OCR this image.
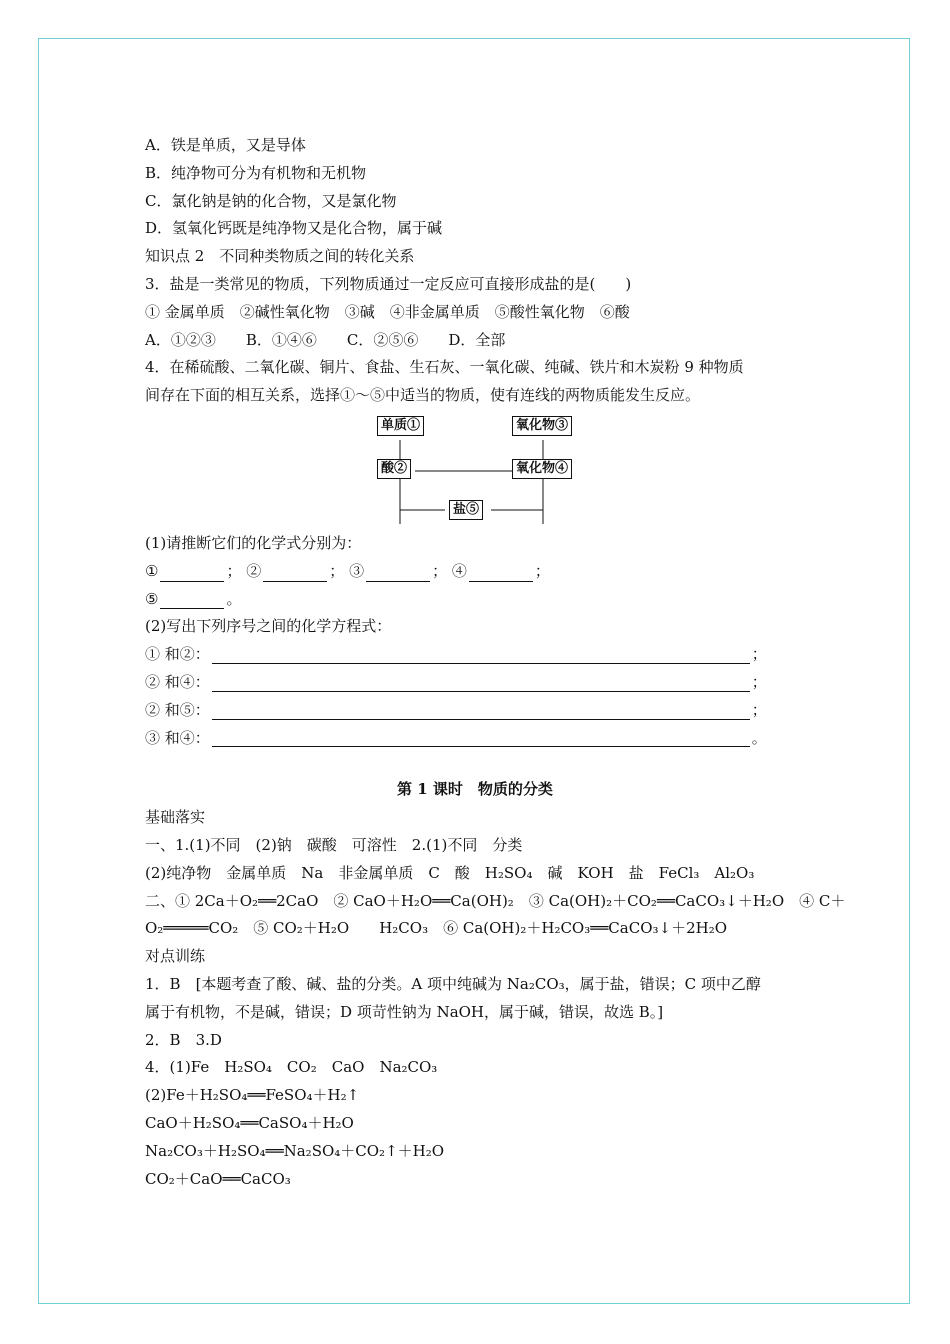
A．铁是单质，又是导体
B．纯净物可分为有机物和无机物
C．氯化钠是钠的化合物，又是氯化物
D．氢氧化钙既是纯净物又是化合物，属于碱
知识点 2　不同种类物质之间的转化关系
3．盐是一类常见的物质，下列物质通过一定反应可直接形成盐的是(　　)
① 金属单质　②碱性氧化物　③碱　④非金属单质　⑤酸性氧化物　⑥酸
A．①②③　　B．①④⑥　　C．②⑤⑥　　D．全部
4．在稀硫酸、二氧化碳、铜片、食盐、生石灰、一氧化碳、纯碱、铁片和木炭粉 9 种物质
间存在下面的相互关系，选择①～⑤中适当的物质，使有连线的两物质能发生反应。
单质①	氧化物③
酸②	氧化物④
盐⑤
(1)请推断它们的化学式分别为：
①	； ②	； ③	； ④	；
⑤	。
(2)写出下列序号之间的化学方程式：
① 和②：	；
② 和④：	；
② 和⑤：	；
③ 和④：	。
第 1 课时　物质的分类
基础落实
一、1.(1)不同　(2)钠　碳酸　可溶性　2.(1)不同　分类
(2)纯净物　金属单质　Na　非金属单质　C　酸　H₂SO₄　碱　KOH　盐　FeCl₃　Al₂O₃
二、① 2Ca＋O₂══2CaO　② CaO＋H₂O══Ca(OH)₂　③ Ca(OH)₂＋CO₂══CaCO₃↓＋H₂O　④ C＋
O₂═════CO₂　⑤ CO₂＋H₂O　　H₂CO₃　⑥ Ca(OH)₂＋H₂CO₃══CaCO₃↓＋2H₂O
对点训练
1．B　[本题考查了酸、碱、盐的分类。A 项中纯碱为 Na₂CO₃，属于盐，错误；C 项中乙醇
属于有机物，不是碱，错误；D 项苛性钠为 NaOH，属于碱，错误，故选 B。]
2．B　3.D
4．(1)Fe　H₂SO₄　CO₂　CaO　Na₂CO₃
(2)Fe＋H₂SO₄══FeSO₄＋H₂↑
CaO＋H₂SO₄══CaSO₄＋H₂O
Na₂CO₃＋H₂SO₄══Na₂SO₄＋CO₂↑＋H₂O
CO₂＋CaO══CaCO₃
